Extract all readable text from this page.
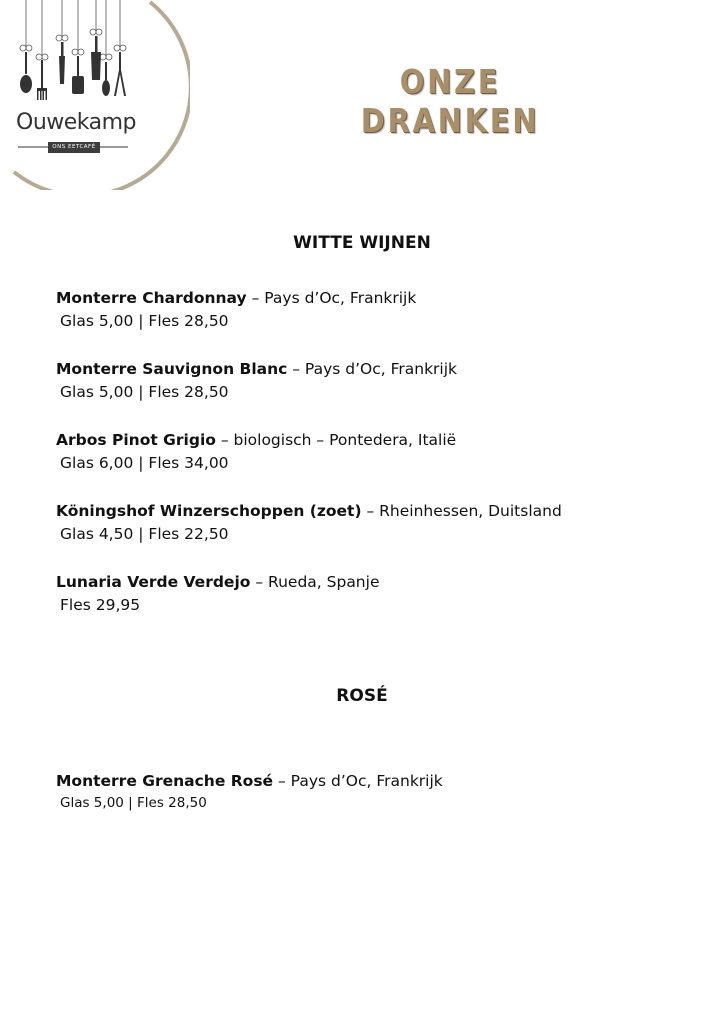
Ouwekamp
ONS EETCAFÉ
ONZE DRANKEN
WITTE WIJNEN
Monterre Chardonnay – Pays d’Oc, Frankrijk
Glas 5,00 | Fles 28,50
Monterre Sauvignon Blanc – Pays d’Oc, Frankrijk
Glas 5,00 | Fles 28,50
Arbos Pinot Grigio – biologisch – Pontedera, Italië
Glas 6,00 | Fles 34,00
Köningshof Winzerschoppen (zoet) – Rheinhessen, Duitsland
Glas 4,50 | Fles 22,50
Lunaria Verde Verdejo – Rueda, Spanje
Fles 29,95
ROSÉ
Monterre Grenache Rosé – Pays d’Oc, Frankrijk
Glas 5,00 | Fles 28,50
